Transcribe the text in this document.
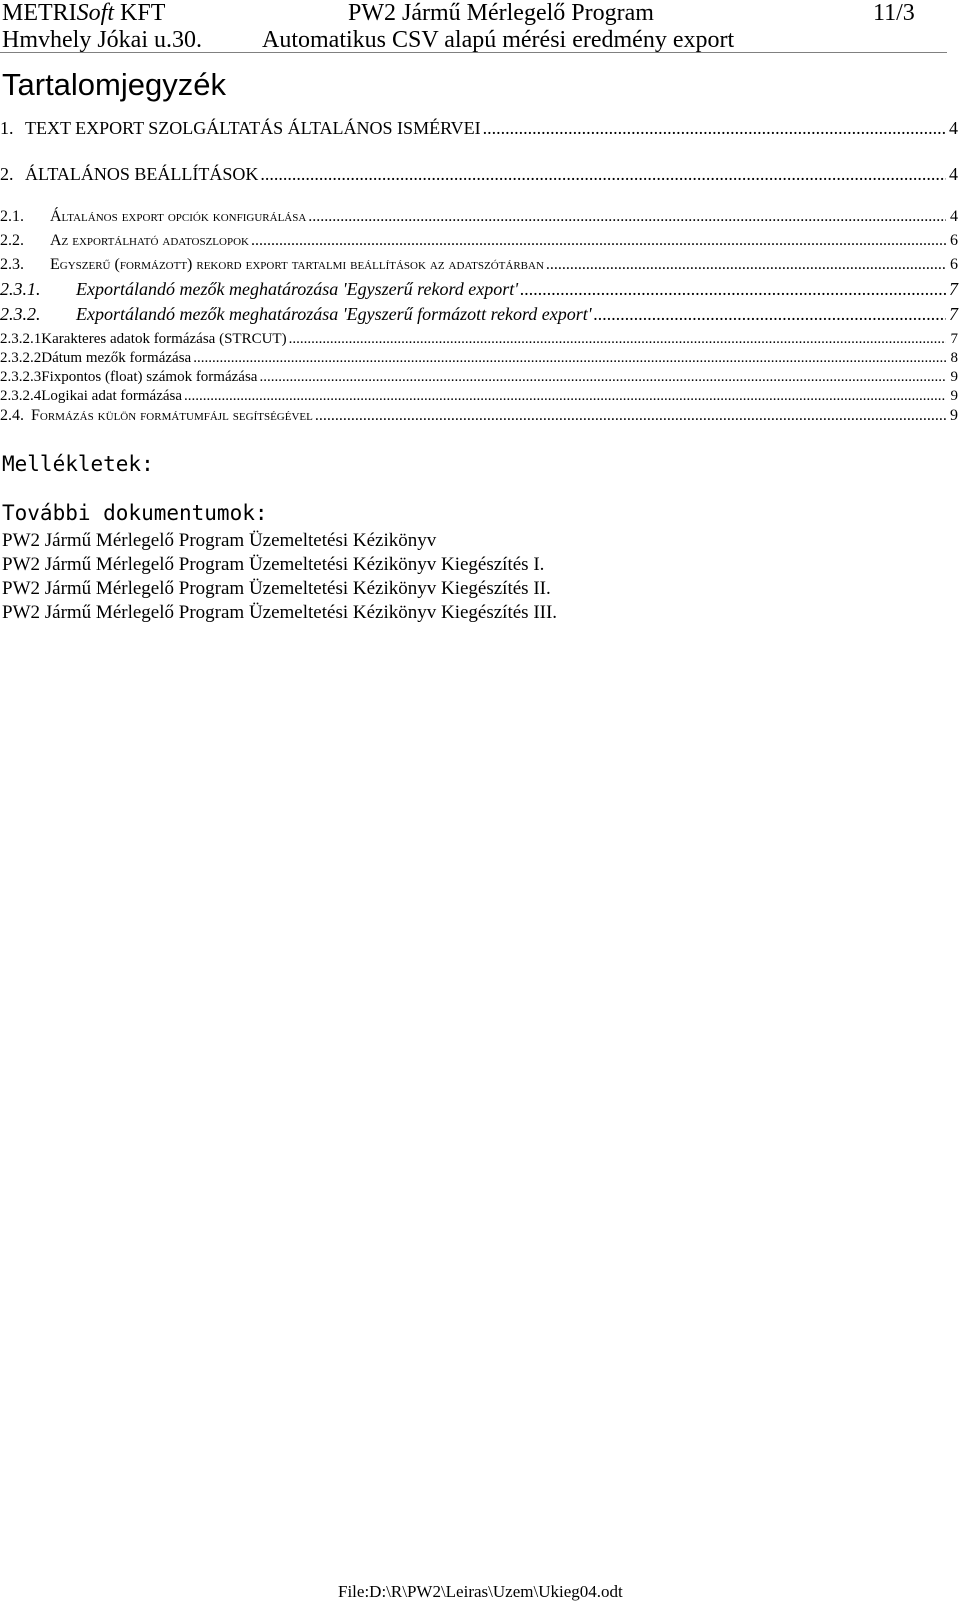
METRISoft KFT
Hmvhely Jókai u.30.
PW2 Jármű Mérlegelő Program
Automatikus CSV alapú mérési eredmény export
11/3
Tartalomjegyzék
1. TEXT EXPORT SZOLGÁLTATÁS ÁLTALÁNOS ISMÉRVEI .....	4
2. ÁLTALÁNOS BEÁLLÍTÁSOK .....	4
2.1.	Általános export opciók konfigurálása .....	4
2.2.	Az exportálható adatoszlopok .....	6
2.3.	Egyszerű (formázott) rekord export tartalmi beállítások az adatszótárban .....	6
2.3.1.	Exportálandó mezők meghatározása 'Egyszerű rekord export' .....	7
2.3.2.	Exportálandó mezők meghatározása 'Egyszerű formázott rekord export' .....	7
2.3.2.1 Karakteres adatok formázása (STRCUT) .....	7
2.3.2.2 Dátum mezők formázása .....	8
2.3.2.3 Fixpontos (float) számok formázása .....	9
2.3.2.4 Logikai adat formázása .....	9
2.4. Formázás külön formátumfájl segítségével .....	9
Mellékletek:
További dokumentumok:
PW2 Jármű Mérlegelő Program Üzemeltetési Kézikönyv
PW2 Jármű Mérlegelő Program Üzemeltetési Kézikönyv Kiegészítés I.
PW2 Jármű Mérlegelő Program Üzemeltetési Kézikönyv Kiegészítés II.
PW2 Jármű Mérlegelő Program Üzemeltetési Kézikönyv Kiegészítés III.
File:D:\R\PW2\Leiras\Uzem\Ukieg04.odt
